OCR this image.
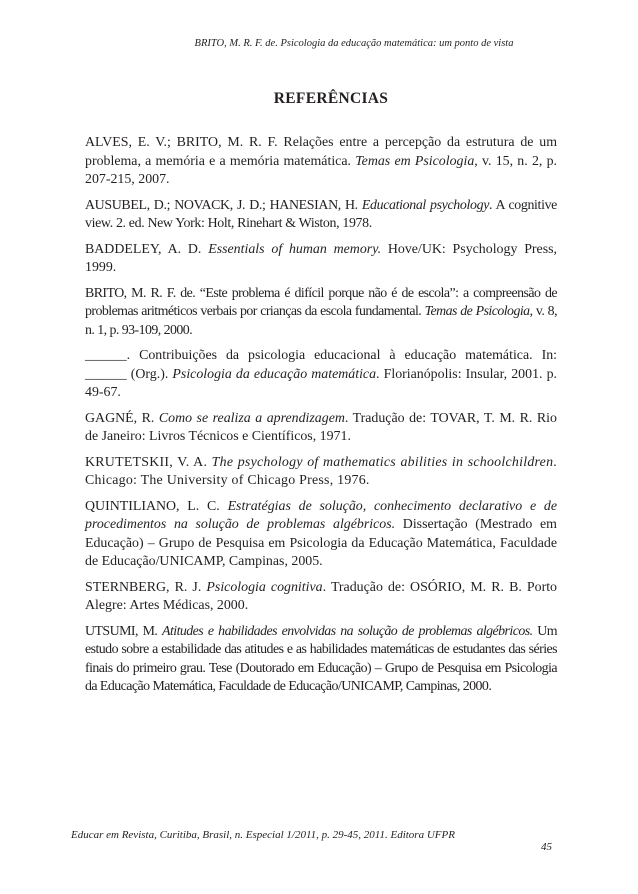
BRITO, M. R. F. de. Psicologia da educação matemática: um ponto de vista
REFERÊNCIAS
ALVES, E. V.; BRITO, M. R. F. Relações entre a percepção da estrutura de um problema, a memória e a memória matemática. Temas em Psicologia, v. 15, n. 2, p. 207-215, 2007.
AUSUBEL, D.; NOVACK, J. D.; HANESIAN, H. Educational psychology. A cognitive view. 2. ed. New York: Holt, Rinehart & Wiston, 1978.
BADDELEY, A. D. Essentials of human memory. Hove/UK: Psychology Press, 1999.
BRITO, M. R. F. de. “Este problema é difícil porque não é de escola”: a compreensão de problemas aritméticos verbais por crianças da escola fundamental. Temas de Psicologia, v. 8, n. 1, p. 93-109, 2000.
______. Contribuições da psicologia educacional à educação matemática. In: ______ (Org.). Psicologia da educação matemática. Florianópolis: Insular, 2001. p. 49-67.
GAGNÉ, R. Como se realiza a aprendizagem. Tradução de: TOVAR, T. M. R. Rio de Janeiro: Livros Técnicos e Científicos, 1971.
KRUTETSKII, V. A. The psychology of mathematics abilities in schoolchildren. Chicago: The University of Chicago Press, 1976.
QUINTILIANO, L. C. Estratégias de solução, conhecimento declarativo e de procedimentos na solução de problemas algébricos. Dissertação (Mestrado em Educação) – Grupo de Pesquisa em Psicologia da Educação Matemática, Faculdade de Educação/UNICAMP, Campinas, 2005.
STERNBERG, R. J. Psicologia cognitiva. Tradução de: OSÓRIO, M. R. B. Porto Alegre: Artes Médicas, 2000.
UTSUMI, M. Atitudes e habilidades envolvidas na solução de problemas algébricos. Um estudo sobre a estabilidade das atitudes e as habilidades matemáticas de estudantes das séries finais do primeiro grau. Tese (Doutorado em Educação) – Grupo de Pesquisa em Psicologia da Educação Matemática, Faculdade de Educação/UNICAMP, Campinas, 2000.
Educar em Revista, Curitiba, Brasil, n. Especial 1/2011, p. 29-45, 2011. Editora UFPR
45
